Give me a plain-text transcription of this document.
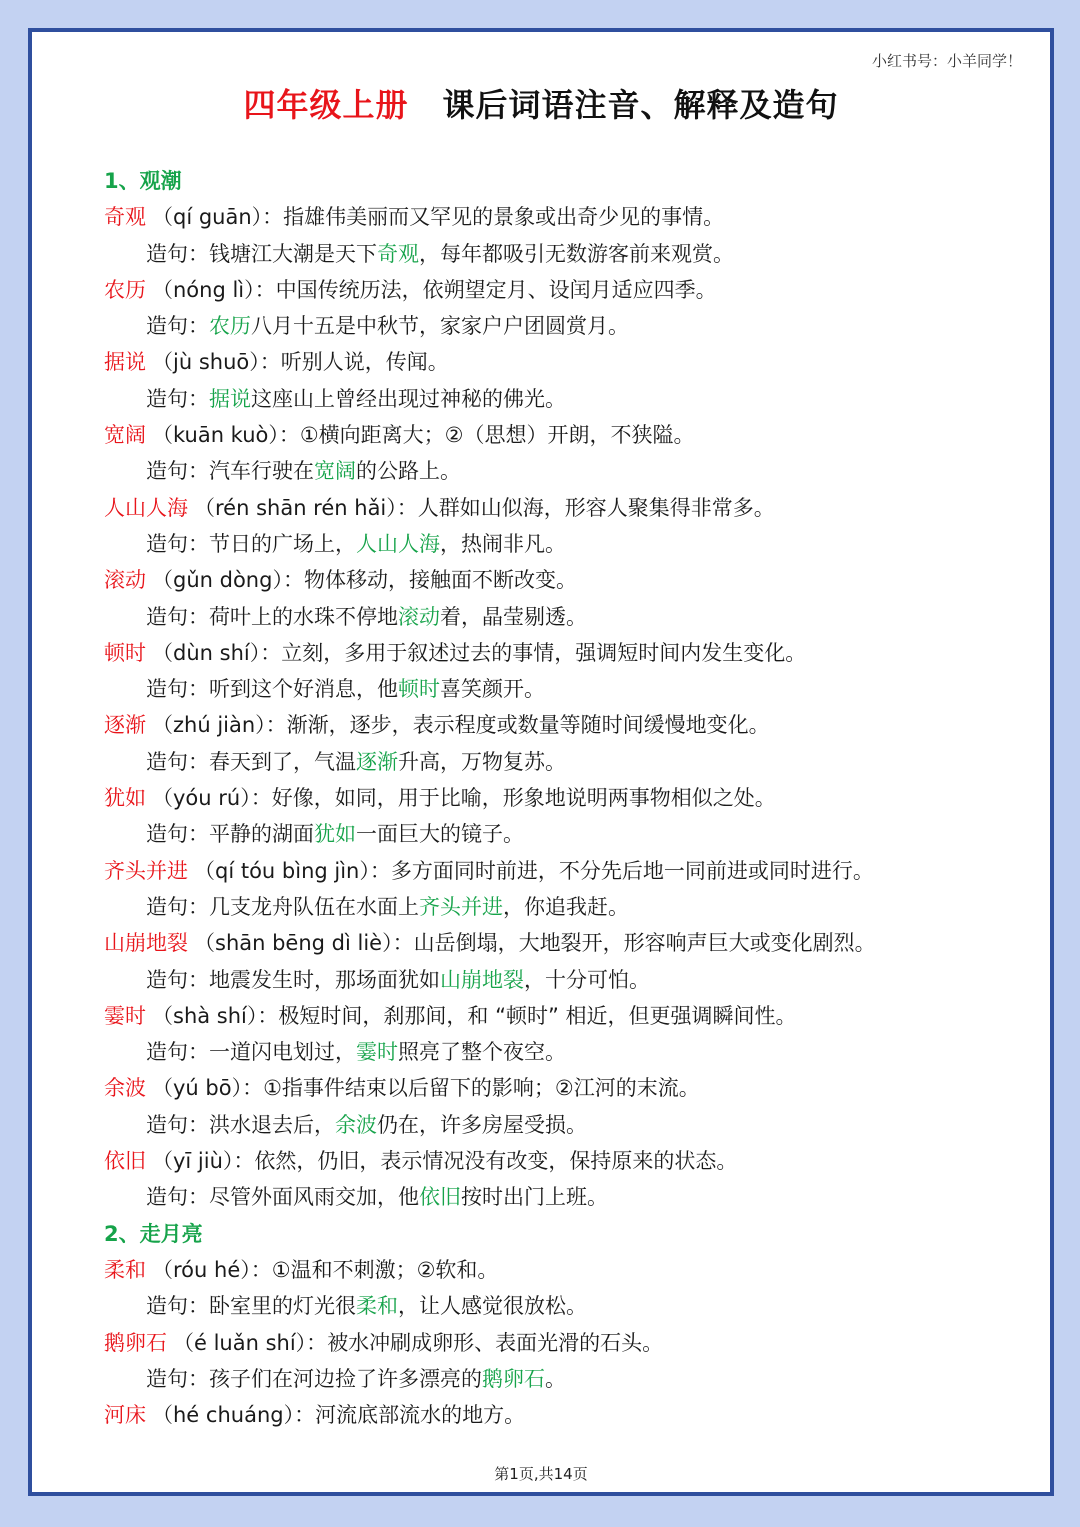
小红书号：小羊同学！
四年级上册 课后词语注音、解释及造句
1、观潮
奇观 （qí guān）：指雄伟美丽而又罕见的景象或出奇少见的事情。
造句：钱塘江大潮是天下奇观，每年都吸引无数游客前来观赏。
农历 （nóng lì）：中国传统历法，依朔望定月、设闰月适应四季。
造句：农历八月十五是中秋节，家家户户团圆赏月。
据说 （jù shuō）：听别人说，传闻。
造句：据说这座山上曾经出现过神秘的佛光。
宽阔 （kuān kuò）：①横向距离大；②（思想）开朗，不狭隘。
造句：汽车行驶在宽阔的公路上。
人山人海 （rén shān rén hǎi）：人群如山似海，形容人聚集得非常多。
造句：节日的广场上，人山人海，热闹非凡。
滚动 （gǔn dòng）：物体移动，接触面不断改变。
造句：荷叶上的水珠不停地滚动着，晶莹剔透。
顿时 （dùn shí）：立刻，多用于叙述过去的事情，强调短时间内发生变化。
造句：听到这个好消息，他顿时喜笑颜开。
逐渐 （zhú jiàn）：渐渐，逐步，表示程度或数量等随时间缓慢地变化。
造句：春天到了，气温逐渐升高，万物复苏。
犹如 （yóu rú）：好像，如同，用于比喻，形象地说明两事物相似之处。
造句：平静的湖面犹如一面巨大的镜子。
齐头并进 （qí tóu bìng jìn）：多方面同时前进，不分先后地一同前进或同时进行。
造句：几支龙舟队伍在水面上齐头并进，你追我赶。
山崩地裂 （shān bēng dì liè）：山岳倒塌，大地裂开，形容响声巨大或变化剧烈。
造句：地震发生时，那场面犹如山崩地裂，十分可怕。
霎时 （shà shí）：极短时间，刹那间，和 “顿时” 相近，但更强调瞬间性。
造句：一道闪电划过，霎时照亮了整个夜空。
余波 （yú bō）：①指事件结束以后留下的影响；②江河的末流。
造句：洪水退去后，余波仍在，许多房屋受损。
依旧 （yī jiù）：依然，仍旧，表示情况没有改变，保持原来的状态。
造句：尽管外面风雨交加，他依旧按时出门上班。
2、走月亮
柔和 （róu hé）：①温和不刺激；②软和。
造句：卧室里的灯光很柔和，让人感觉很放松。
鹅卵石 （é luǎn shí）：被水冲刷成卵形、表面光滑的石头。
造句：孩子们在河边捡了许多漂亮的鹅卵石。
河床 （hé chuáng）：河流底部流水的地方。
第1页,共14页
